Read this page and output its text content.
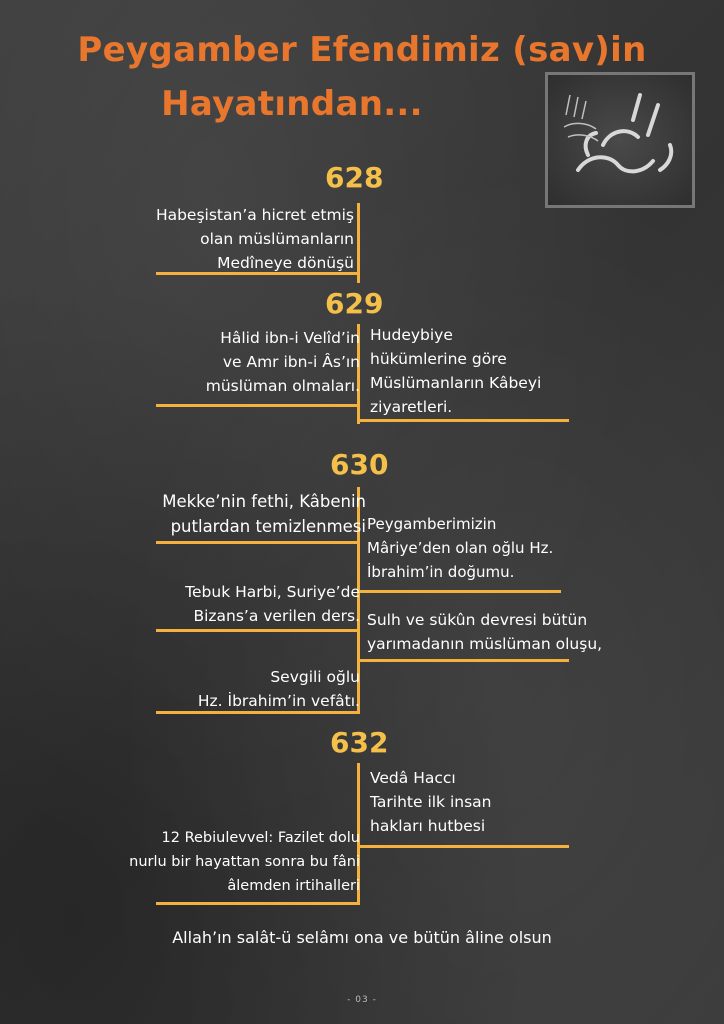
Peygamber Efendimiz (sav)in
Hayatından...
628
629
630
632
Habeşistan’a hicret etmiş
olan müslümanların
Medîneye dönüşü
Hâlid ibn-i Velîd’in
ve Amr ibn-i Âs’ın
müslüman olmaları.
Hudeybiye
hükümlerine göre
Müslümanların Kâbeyi
ziyaretleri.
Mekke’nin fethi, Kâbenin
putlardan temizlenmesi Peygamberimizin
Mâriye’den olan oğlu Hz.
İbrahim’in doğumu.
Tebuk Harbi, Suriye’de
Bizans’a verilen ders. Sulh ve sükûn devresi bütün
yarımadanın müslüman oluşu,
Sevgili oğlu
Hz. İbrahim’in vefâtı.
Vedâ Haccı
Tarihte ilk insan
hakları hutbesi
12 Rebiulevvel: Fazilet dolu
nurlu bir hayattan sonra bu fâni
âlemden irtihalleri
Allah’ın salât-ü selâmı ona ve bütün âline olsun
- 03 -
